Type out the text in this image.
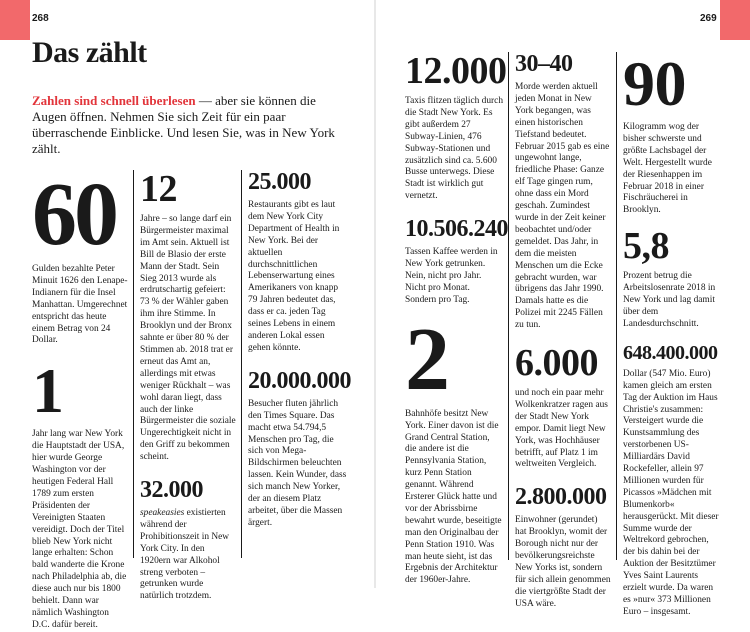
268	269
Das zählt

Zahlen sind schnell überlesen — aber sie können die Augen öffnen. Nehmen Sie sich Zeit für ein paar überraschende Einblicke. Und lesen Sie, was in New York zählt.

60

Gulden bezahlte Peter Minuit 1626 den Lenape-Indianern für die Insel Manhattan. Umgerechnet entspricht das heute einem Betrag von 24 Dollar.

1

Jahr lang war New York die Hauptstadt der USA, hier wurde George Washington vor der heutigen Federal Hall 1789 zum ersten Präsidenten der Vereinigten Staaten vereidigt. Doch der Titel blieb New York nicht lange erhalten: Schon bald wanderte die Krone nach Philadelphia ab, die diese auch nur bis 1800 behielt. Dann war nämlich Washington D.C. dafür bereit.

12

Jahre – so lange darf ein Bürgermeister maximal im Amt sein. Aktuell ist Bill de Blasio der erste Mann der Stadt. Sein Sieg 2013 wurde als erdrutschartig gefeiert: 73 % der Wähler gaben ihm ihre Stimme. In Brooklyn und der Bronx sahnte er über 80 % der Stimmen ab. 2018 trat er erneut das Amt an, allerdings mit etwas weniger Rückhalt – was wohl daran liegt, dass auch der linke Bürgermeister die soziale Ungerechtigkeit nicht in den Griff zu bekommen scheint.

32.000

speakeasies existierten während der Prohibitionszeit in New York City. In den 1920ern war Alkohol streng verboten – getrunken wurde natürlich trotzdem.

25.000

Restaurants gibt es laut dem New York City Department of Health in New York. Bei der aktuellen durchschnittlichen Lebenserwartung eines Amerikaners von knapp 79 Jahren bedeutet das, dass er ca. jeden Tag seines Lebens in einem anderen Lokal essen gehen könnte.

20.000.000

Besucher fluten jährlich den Times Square. Das macht etwa 54.794,5 Menschen pro Tag, die sich von Mega-Bildschirmen beleuchten lassen. Kein Wunder, dass sich manch New Yorker, der an diesem Platz arbeitet, über die Massen ärgert.

12.000

Taxis flitzen täglich durch die Stadt New York. Es gibt außerdem 27 Subway-Linien, 476 Subway-Stationen und zusätzlich sind ca. 5.600 Busse unterwegs. Diese Stadt ist wirklich gut vernetzt.

10.506.240

Tassen Kaffee werden in New York getrunken. Nein, nicht pro Jahr. Nicht pro Monat. Sondern pro Tag.

2

Bahnhöfe besitzt New York. Einer davon ist die Grand Central Station, die andere ist die Pennsylvania Station, kurz Penn Station genannt. Während Ersterer Glück hatte und vor der Abrissbirne bewahrt wurde, beseitigte man den Originalbau der Penn Station 1910. Was man heute sieht, ist das Ergebnis der Architektur der 1960er-Jahre.

30–40

Morde werden aktuell jeden Monat in New York begangen, was einen historischen Tiefstand bedeutet. Februar 2015 gab es eine ungewohnt lange, friedliche Phase: Ganze elf Tage gingen rum, ohne dass ein Mord geschah. Zumindest wurde in der Zeit keiner beobachtet und/oder gemeldet. Das Jahr, in dem die meisten Menschen um die Ecke gebracht wurden, war übrigens das Jahr 1990. Damals hatte es die Polizei mit 2245 Fällen zu tun.

6.000

und noch ein paar mehr Wolkenkratzer ragen aus der Stadt New York empor. Damit liegt New York, was Hochhäuser betrifft, auf Platz 1 im weltweiten Vergleich.

2.800.000

Einwohner (gerundet) hat Brooklyn, womit der Borough nicht nur der bevölkerungsreichste New Yorks ist, sondern für sich allein genommen die viertgrößte Stadt der USA wäre.

90

Kilogramm wog der bisher schwerste und größte Lachsbagel der Welt. Hergestellt wurde der Riesenhappen im Februar 2018 in einer Fischräucherei in Brooklyn.

5,8

Prozent betrug die Arbeitslosenrate 2018 in New York und lag damit über dem Landesdurchschnitt.

648.400.000

Dollar (547 Mio. Euro) kamen gleich am ersten Tag der Auktion im Haus Christie's zusammen: Versteigert wurde die Kunstsammlung des verstorbenen US-Milliardärs David Rockefeller, allein 97 Millionen wurden für Picassos »Mädchen mit Blumenkorb« herausgerückt. Mit dieser Summe wurde der Weltrekord gebrochen, der bis dahin bei der Auktion der Besitztümer Yves Saint Laurents erzielt wurde. Da waren es »nur« 373 Millionen Euro – insgesamt.
